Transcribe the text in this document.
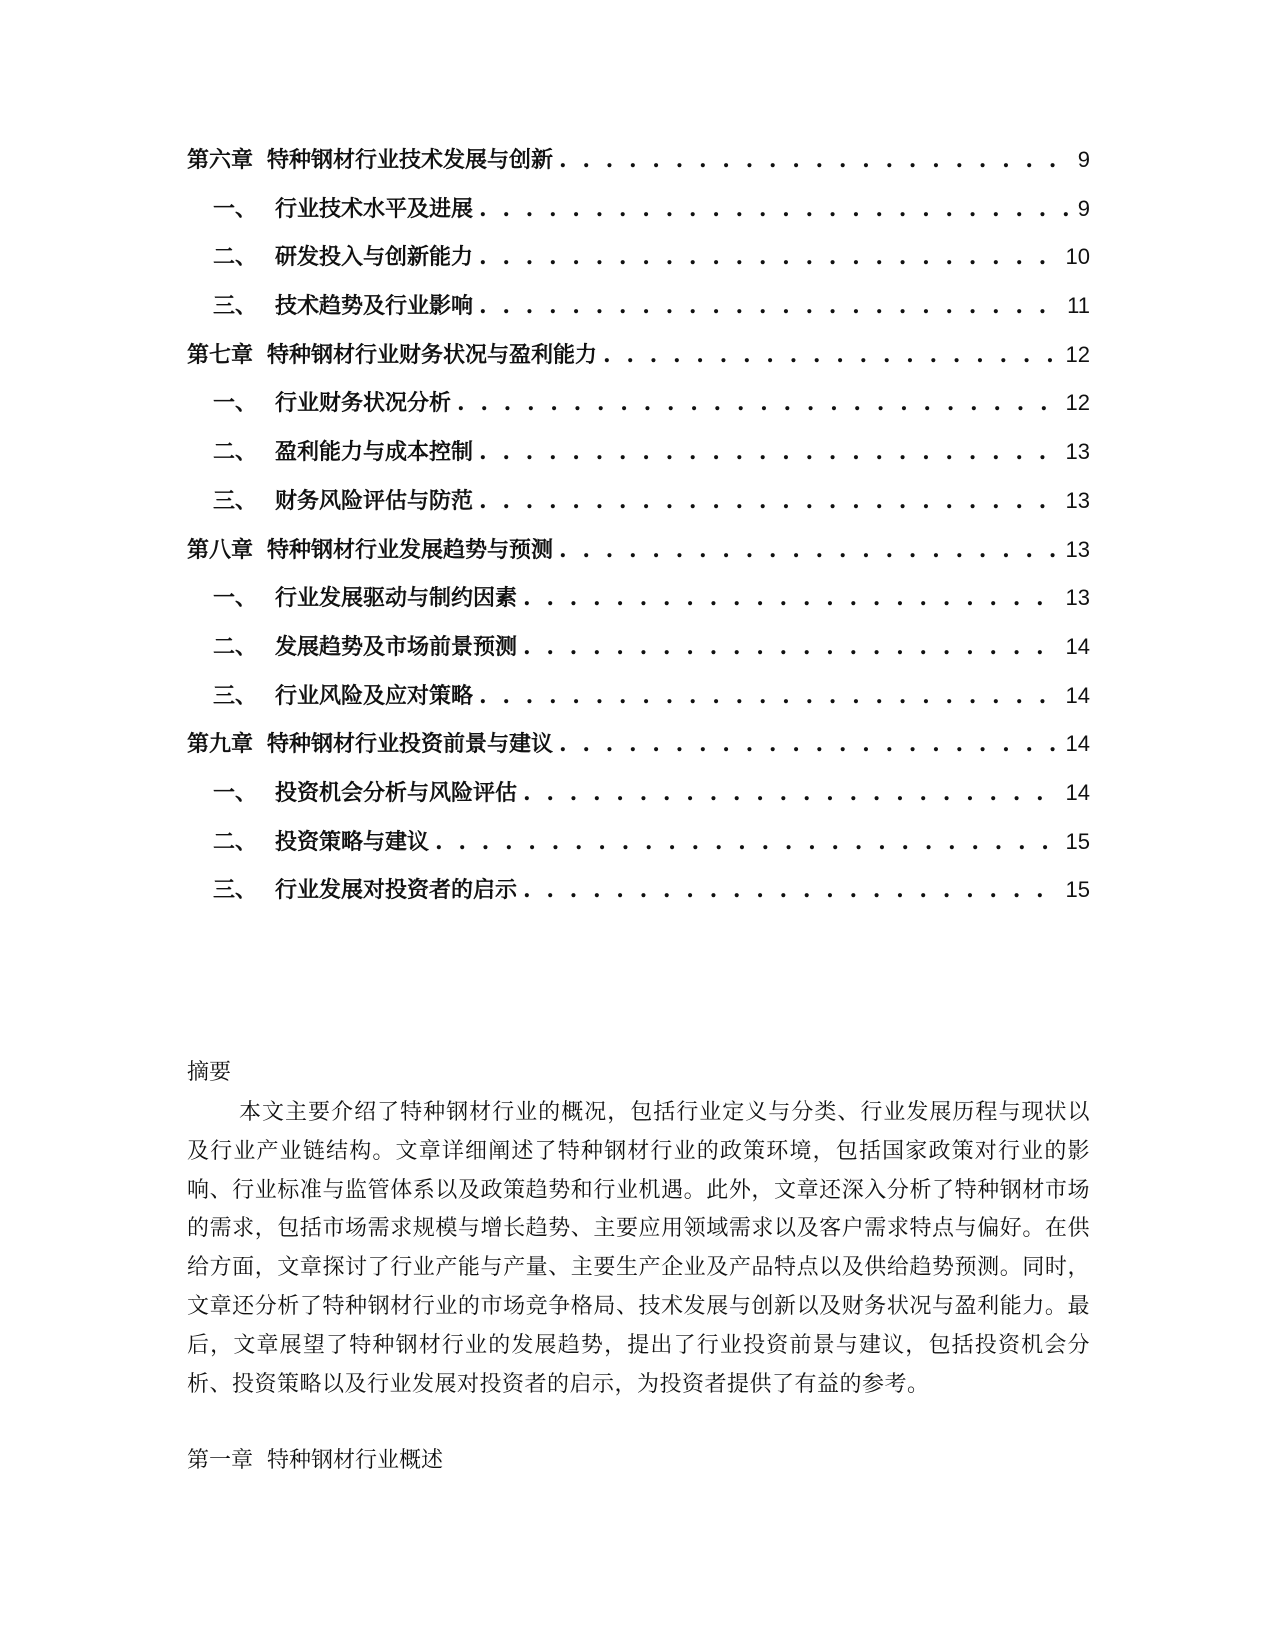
第六章 特种钢材行业技术发展与创新 . . .	9
一、 行业技术水平及进展 . . .	9
二、 研发投入与创新能力 . . .	10
三、 技术趋势及行业影响 . . .	11
第七章 特种钢材行业财务状况与盈利能力 . . .	12
一、 行业财务状况分析 . . .	12
二、 盈利能力与成本控制 . . .	13
三、 财务风险评估与防范 . . .	13
第八章 特种钢材行业发展趋势与预测 . . .	13
一、 行业发展驱动与制约因素 . . .	13
二、 发展趋势及市场前景预测 . . .	14
三、 行业风险及应对策略 . . .	14
第九章 特种钢材行业投资前景与建议 . . .	14
一、 投资机会分析与风险评估 . . .	14
二、 投资策略与建议 . . .	15
三、 行业发展对投资者的启示 . . .	15
摘要

本文主要介绍了特种钢材行业的概况，包括行业定义与分类、行业发展历程与现状以及行业产业链结构。文章详细阐述了特种钢材行业的政策环境，包括国家政策对行业的影响、行业标准与监管体系以及政策趋势和行业机遇。此外，文章还深入分析了特种钢材市场的需求，包括市场需求规模与增长趋势、主要应用领域需求以及客户需求特点与偏好。在供给方面，文章探讨了行业产能与产量、主要生产企业及产品特点以及供给趋势预测。同时，文章还分析了特种钢材行业的市场竞争格局、技术发展与创新以及财务状况与盈利能力。最后，文章展望了特种钢材行业的发展趋势，提出了行业投资前景与建议，包括投资机会分析、投资策略以及行业发展对投资者的启示，为投资者提供了有益的参考。

第一章 特种钢材行业概述
